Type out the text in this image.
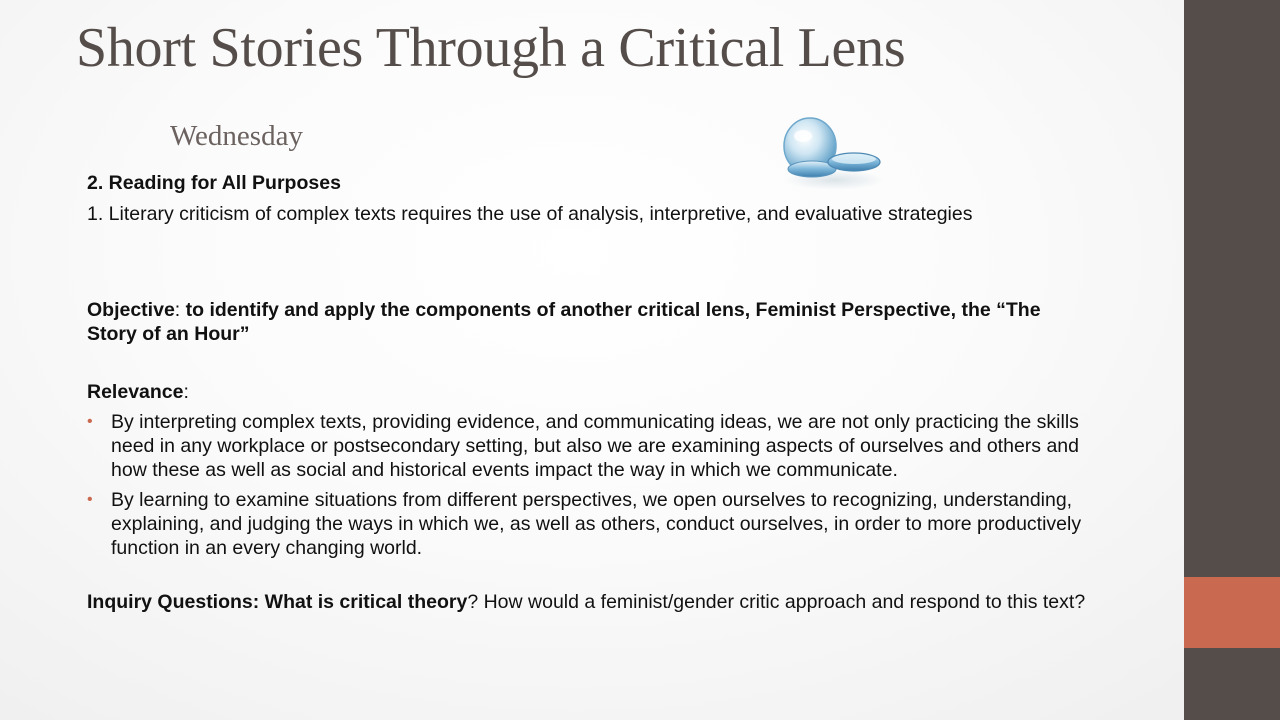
Short Stories Through a Critical Lens
Wednesday

2. Reading for All Purposes

1. Literary criticism of complex texts requires the use of analysis, interpretive, and evaluative strategies

Objective: to identify and apply the components of another critical lens, Feminist Perspective, the “The Story of an Hour”

Relevance:

• By interpreting complex texts, providing evidence, and communicating ideas, we are not only practicing the skills need in any workplace or postsecondary setting, but also we are examining aspects of ourselves and others and how these as well as social and historical events impact the way in which we communicate.
• By learning to examine situations from different perspectives, we open ourselves to recognizing, understanding, explaining, and judging the ways in which we, as well as others, conduct ourselves, in order to more productively function in an every changing world.

Inquiry Questions: What is critical theory? How would a feminist/gender critic approach and respond to this text?
